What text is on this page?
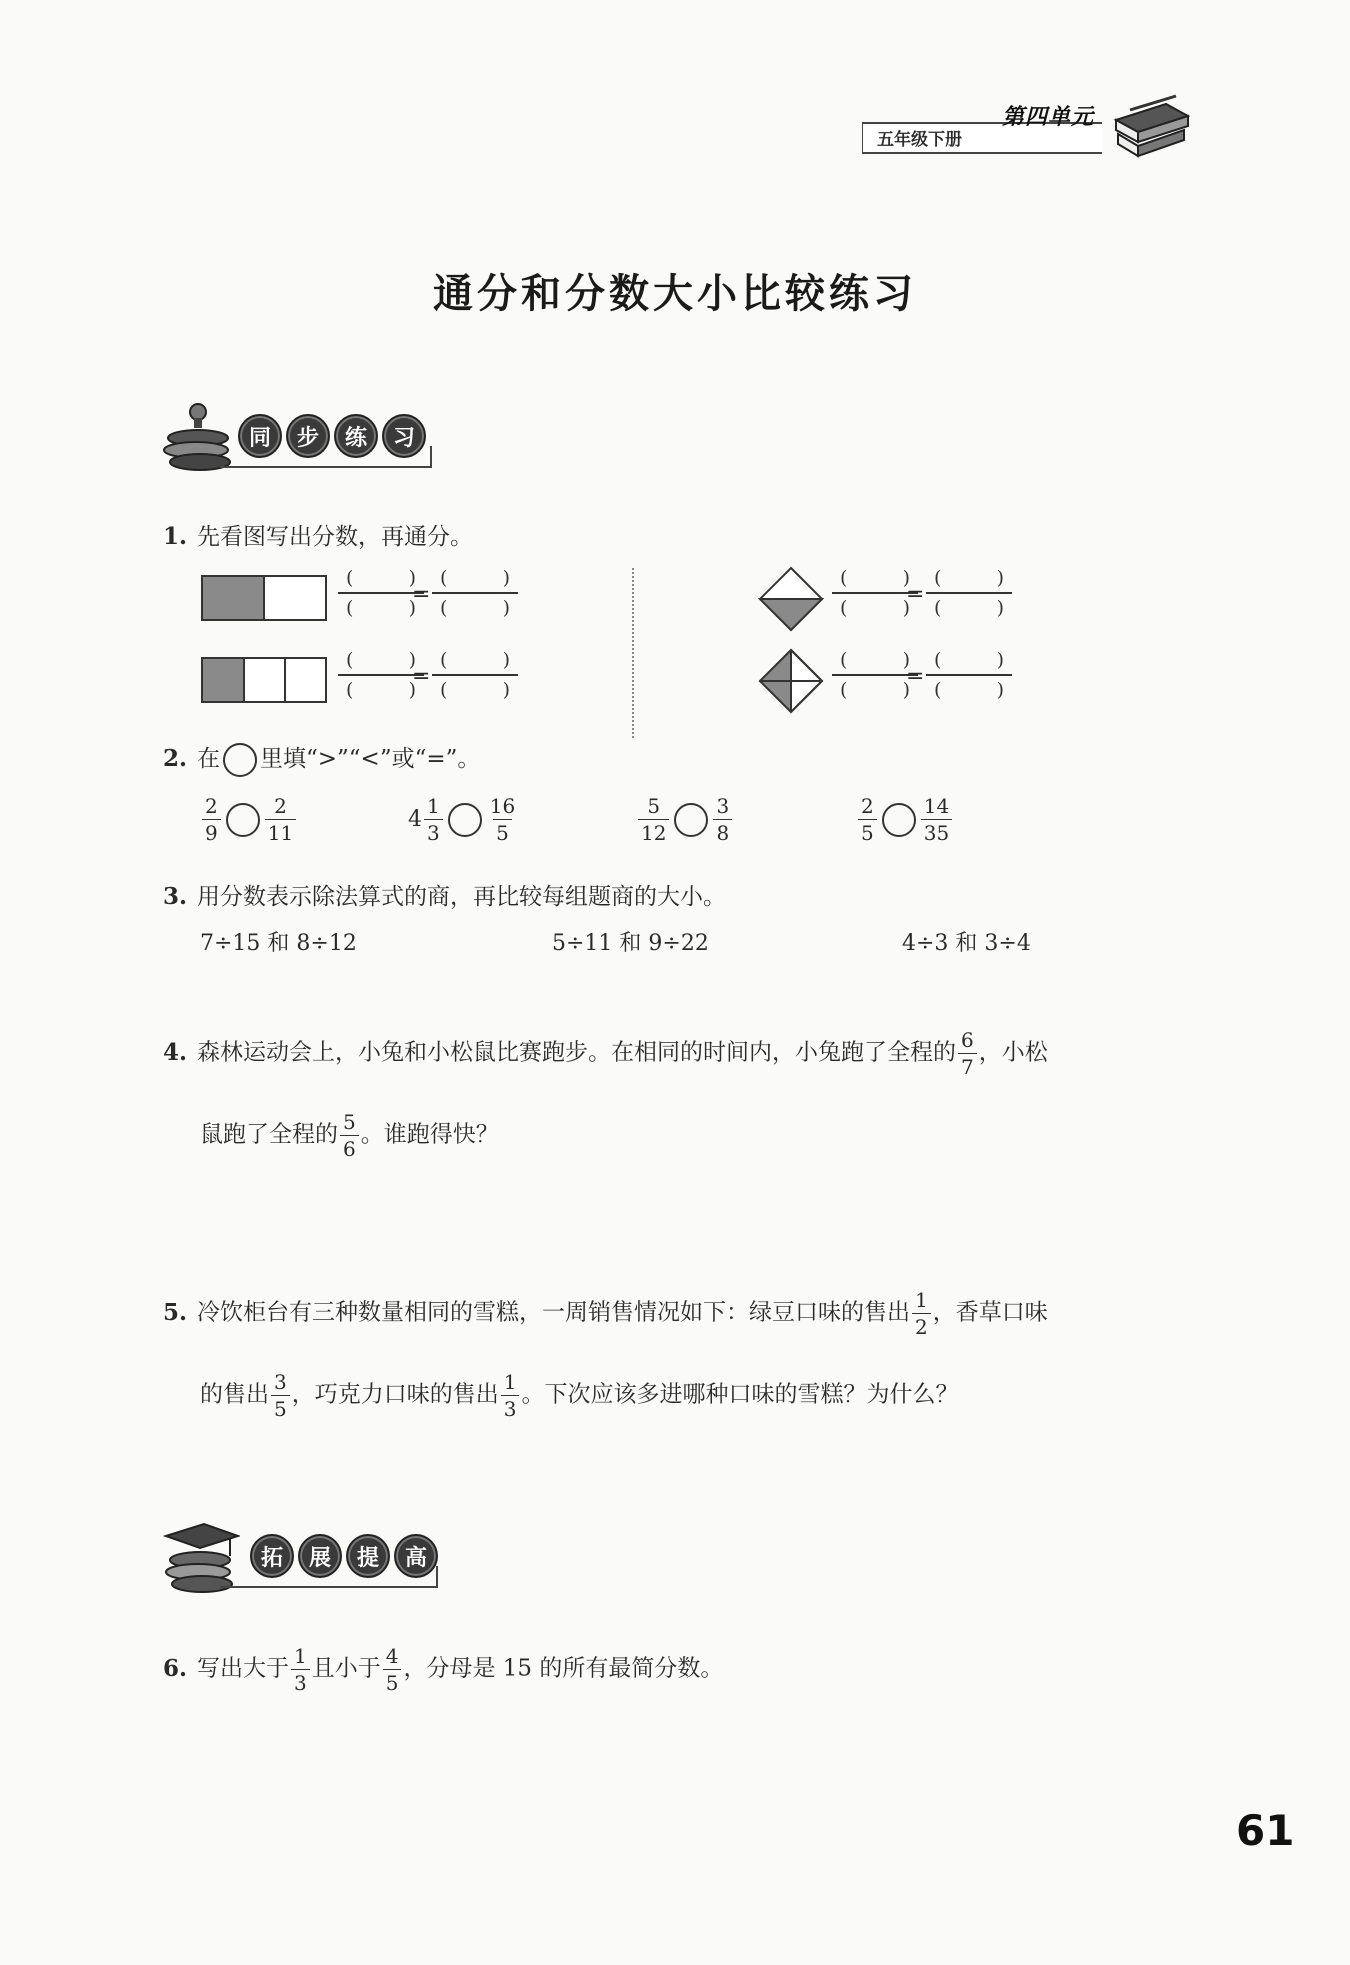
五年级下册
第四单元
通分和分数大小比较练习
同	步	练	习
1. 先看图写出分数，再通分。
(	)
(	)
=
(	)
(	)
(	)
(	)
=
(	)
(	)
(	)
(	)
=
(	)
(	)
(	)
(	)
=
(	)
(	)
2. 在 里填“>”“<”或“=”。
$\frac{2}{9} \frac{2}{11}$	$4 \frac{1}{3} \frac{16}{5}$	$\frac{5}{12} \frac{3}{8}$	$\frac{2}{5} \frac{14}{35}$
3. 用分数表示除法算式的商，再比较每组题商的大小。
7÷15 和 8÷12	5÷11 和 9÷22	4÷3 和 3÷4
4. 森林运动会上，小兔和小松鼠比赛跑步。在相同的时间内，小兔跑了全程的 $\frac{6}{7}$ ，小松
鼠跑了全程的 $\frac{5}{6}$ 。谁跑得快？
5. 冷饮柜台有三种数量相同的雪糕，一周销售情况如下：绿豆口味的售出 $\frac{1}{2}$ ，香草口味
的售出 $\frac{3}{5}$ ，巧克力口味的售出 $\frac{1}{3}$ 。下次应该多进哪种口味的雪糕？为什么？
拓	展	提	高
6. 写出大于 $\frac{1}{3}$ 且小于 $\frac{4}{5}$ ，分母是 15 的所有最简分数。
61
